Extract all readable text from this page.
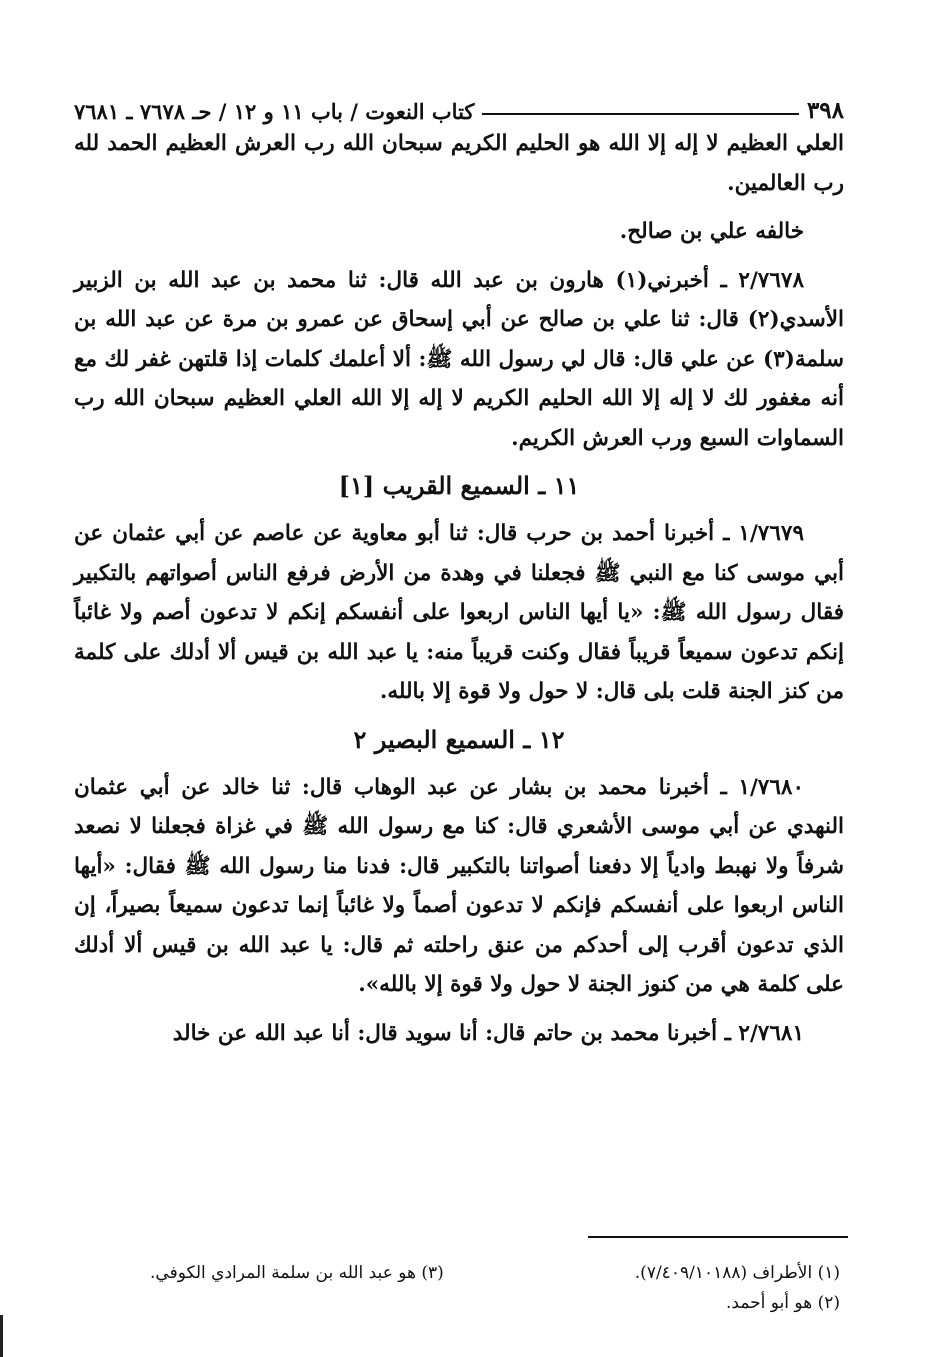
٣٩٨
كتاب النعوت / باب ١١ و ١٢ / حـ ٧٦٧٨ ـ ٧٦٨١

العلي العظيم لا إله إلا الله هو الحليم الكريم سبحان الله رب العرش العظيم الحمد لله رب العالمين.

خالفه علي بن صالح.

٢/٧٦٧٨ ـ أخبرني(١) هارون بن عبد الله قال: ثنا محمد بن عبد الله بن الزبير الأسدي(٢) قال: ثنا علي بن صالح عن أبي إسحاق عن عمرو بن مرة عن عبد الله بن سلمة(٣) عن علي قال: قال لي رسول الله ﷺ: ألا أعلمك كلمات إذا قلتهن غفر لك مع أنه مغفور لك لا إله إلا الله الحليم الكريم لا إله إلا الله العلي العظيم سبحان الله رب السماوات السبع ورب العرش الكريم.

١١ ـ السميع القريب [١]

١/٧٦٧٩ ـ أخبرنا أحمد بن حرب قال: ثنا أبو معاوية عن عاصم عن أبي عثمان عن أبي موسى كنا مع النبي ﷺ فجعلنا في وهدة من الأرض فرفع الناس أصواتهم بالتكبير فقال رسول الله ﷺ: «يا أيها الناس اربعوا على أنفسكم إنكم لا تدعون أصم ولا غائباً إنكم تدعون سميعاً قريباً فقال وكنت قريباً منه: يا عبد الله بن قيس ألا أدلك على كلمة من كنز الجنة قلت بلى قال: لا حول ولا قوة إلا بالله.

١٢ ـ السميع البصير ٢

١/٧٦٨٠ ـ أخبرنا محمد بن بشار عن عبد الوهاب قال: ثنا خالد عن أبي عثمان النهدي عن أبي موسى الأشعري قال: كنا مع رسول الله ﷺ في غزاة فجعلنا لا نصعد شرفاً ولا نهبط وادياً إلا دفعنا أصواتنا بالتكبير قال: فدنا منا رسول الله ﷺ فقال: «أيها الناس اربعوا على أنفسكم فإنكم لا تدعون أصماً ولا غائباً إنما تدعون سميعاً بصيراً، إن الذي تدعون أقرب إلى أحدكم من عنق راحلته ثم قال: يا عبد الله بن قيس ألا أدلك على كلمة هي من كنوز الجنة لا حول ولا قوة إلا بالله».

٢/٧٦٨١ ـ أخبرنا محمد بن حاتم قال: أنا سويد قال: أنا عبد الله عن خالد

(١) الأطراف (٧/٤٠٩/١٠١٨٨).
(٣) هو عبد الله بن سلمة المرادي الكوفي.
(٢) هو أبو أحمد.
